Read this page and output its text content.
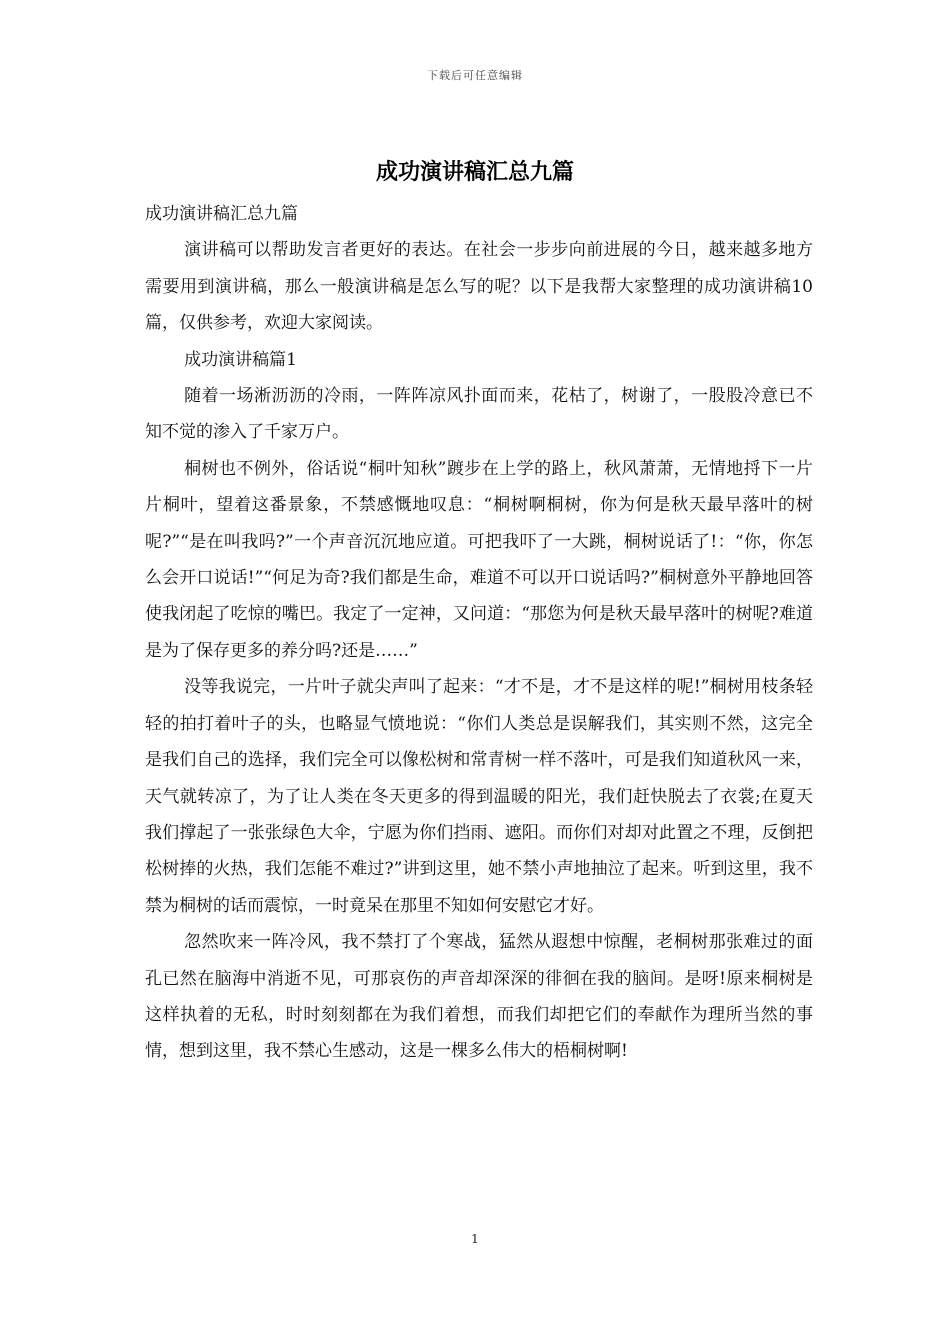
下载后可任意编辑
成功演讲稿汇总九篇

成功演讲稿汇总九篇

演讲稿可以帮助发言者更好的表达。在社会一步步向前进展的今日，越来越多地方需要用到演讲稿，那么一般演讲稿是怎么写的呢？以下是我帮大家整理的成功演讲稿10篇，仅供参考，欢迎大家阅读。

成功演讲稿篇1

随着一场淅沥沥的冷雨，一阵阵凉风扑面而来，花枯了，树谢了，一股股冷意已不知不觉的渗入了千家万户。

桐树也不例外，俗话说“桐叶知秋”踱步在上学的路上，秋风萧萧，无情地捋下一片片桐叶，望着这番景象，不禁感慨地叹息：“桐树啊桐树，你为何是秋天最早落叶的树呢?”“是在叫我吗?”一个声音沉沉地应道。可把我吓了一大跳，桐树说话了!：“你，你怎么会开口说话!”“何足为奇?我们都是生命，难道不可以开口说话吗?”桐树意外平静地回答使我闭起了吃惊的嘴巴。我定了一定神，又问道：“那您为何是秋天最早落叶的树呢?难道是为了保存更多的养分吗?还是……”

没等我说完，一片叶子就尖声叫了起来：“才不是，才不是这样的呢!”桐树用枝条轻轻的拍打着叶子的头，也略显气愤地说：“你们人类总是误解我们，其实则不然，这完全是我们自己的选择，我们完全可以像松树和常青树一样不落叶，可是我们知道秋风一来，天气就转凉了，为了让人类在冬天更多的得到温暖的阳光，我们赶快脱去了衣裳;在夏天我们撑起了一张张绿色大伞，宁愿为你们挡雨、遮阳。而你们对却对此置之不理，反倒把松树捧的火热，我们怎能不难过?”讲到这里，她不禁小声地抽泣了起来。听到这里，我不禁为桐树的话而震惊，一时竟呆在那里不知如何安慰它才好。

忽然吹来一阵冷风，我不禁打了个寒战，猛然从遐想中惊醒，老桐树那张难过的面孔已然在脑海中消逝不见，可那哀伤的声音却深深的徘徊在我的脑间。是呀!原来桐树是这样执着的无私，时时刻刻都在为我们着想，而我们却把它们的奉献作为理所当然的事情，想到这里，我不禁心生感动，这是一棵多么伟大的梧桐树啊!

1
